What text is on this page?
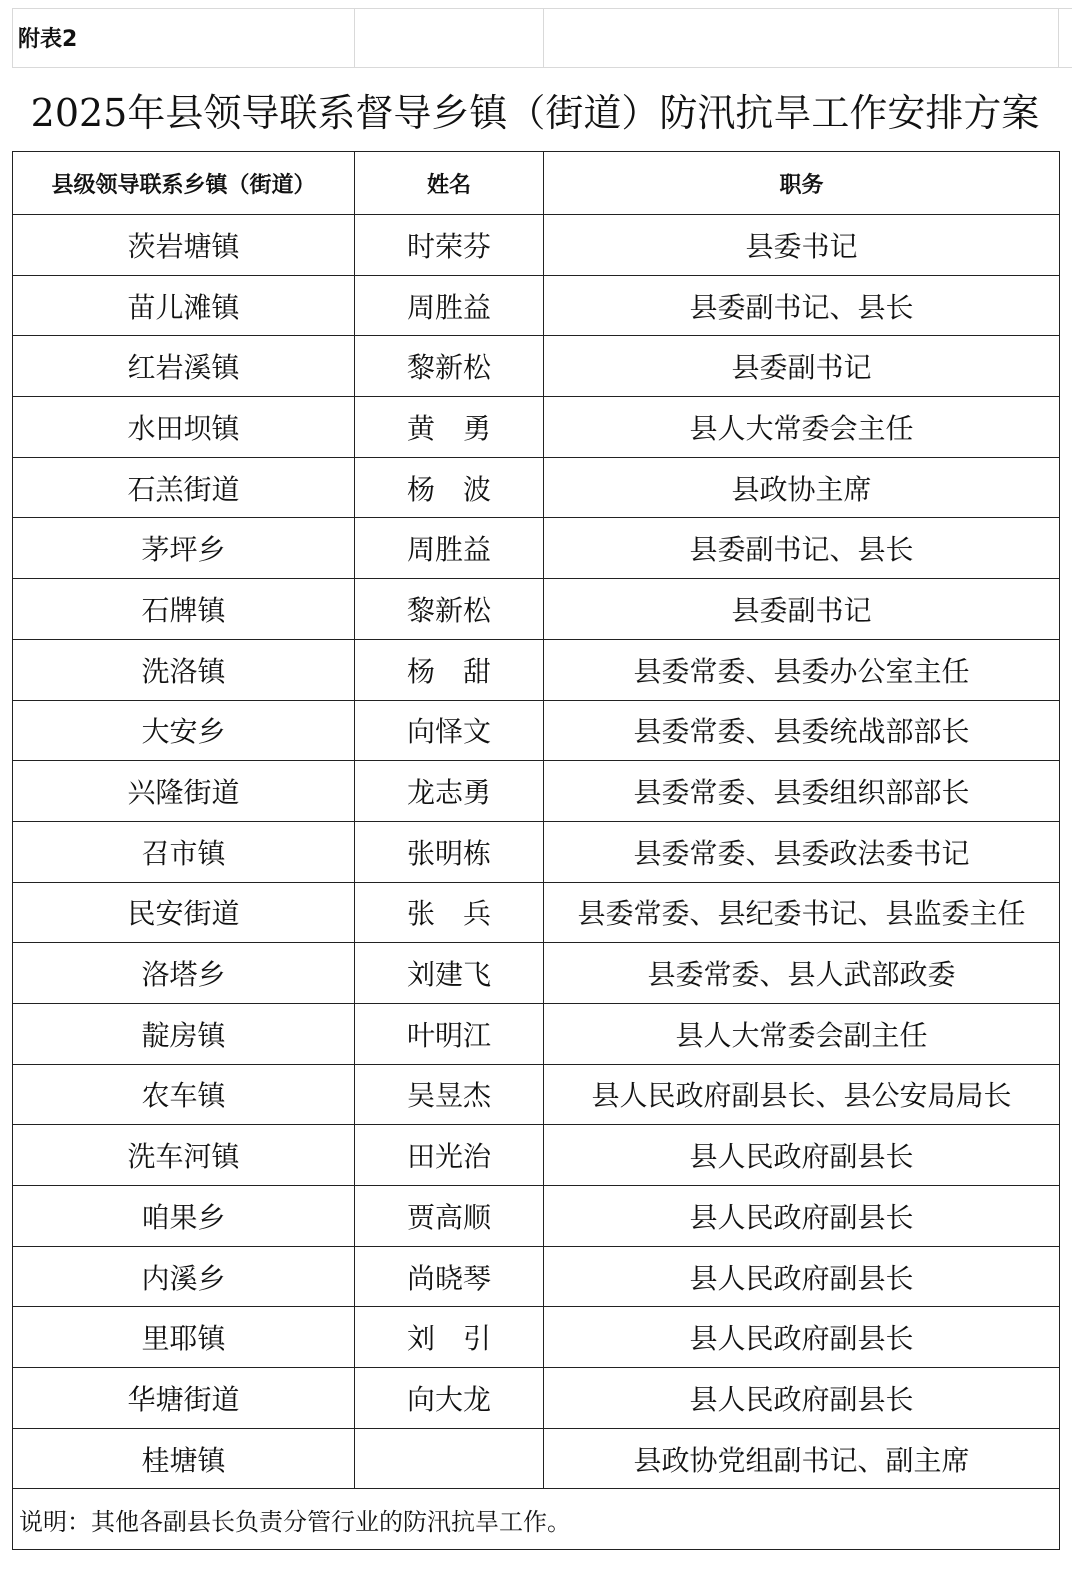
附表2
2025年县领导联系督导乡镇（街道）防汛抗旱工作安排方案
县级领导联系乡镇（街道）	姓名	职务
茨岩塘镇	时荣芬	县委书记
苗儿滩镇	周胜益	县委副书记、县长
红岩溪镇	黎新松	县委副书记
水田坝镇	黄　勇	县人大常委会主任
石羔街道	杨　波	县政协主席
茅坪乡	周胜益	县委副书记、县长
石牌镇	黎新松	县委副书记
洗洛镇	杨　甜	县委常委、县委办公室主任
大安乡	向怿文	县委常委、县委统战部部长
兴隆街道	龙志勇	县委常委、县委组织部部长
召市镇	张明栋	县委常委、县委政法委书记
民安街道	张　兵	县委常委、县纪委书记、县监委主任
洛塔乡	刘建飞	县委常委、县人武部政委
靛房镇	叶明江	县人大常委会副主任
农车镇	吴昱杰	县人民政府副县长、县公安局局长
洗车河镇	田光治	县人民政府副县长
咱果乡	贾高顺	县人民政府副县长
内溪乡	尚晓琴	县人民政府副县长
里耶镇	刘　引	县人民政府副县长
华塘街道	向大龙	县人民政府副县长
桂塘镇		县政协党组副书记、副主席
说明：其他各副县长负责分管行业的防汛抗旱工作。		
